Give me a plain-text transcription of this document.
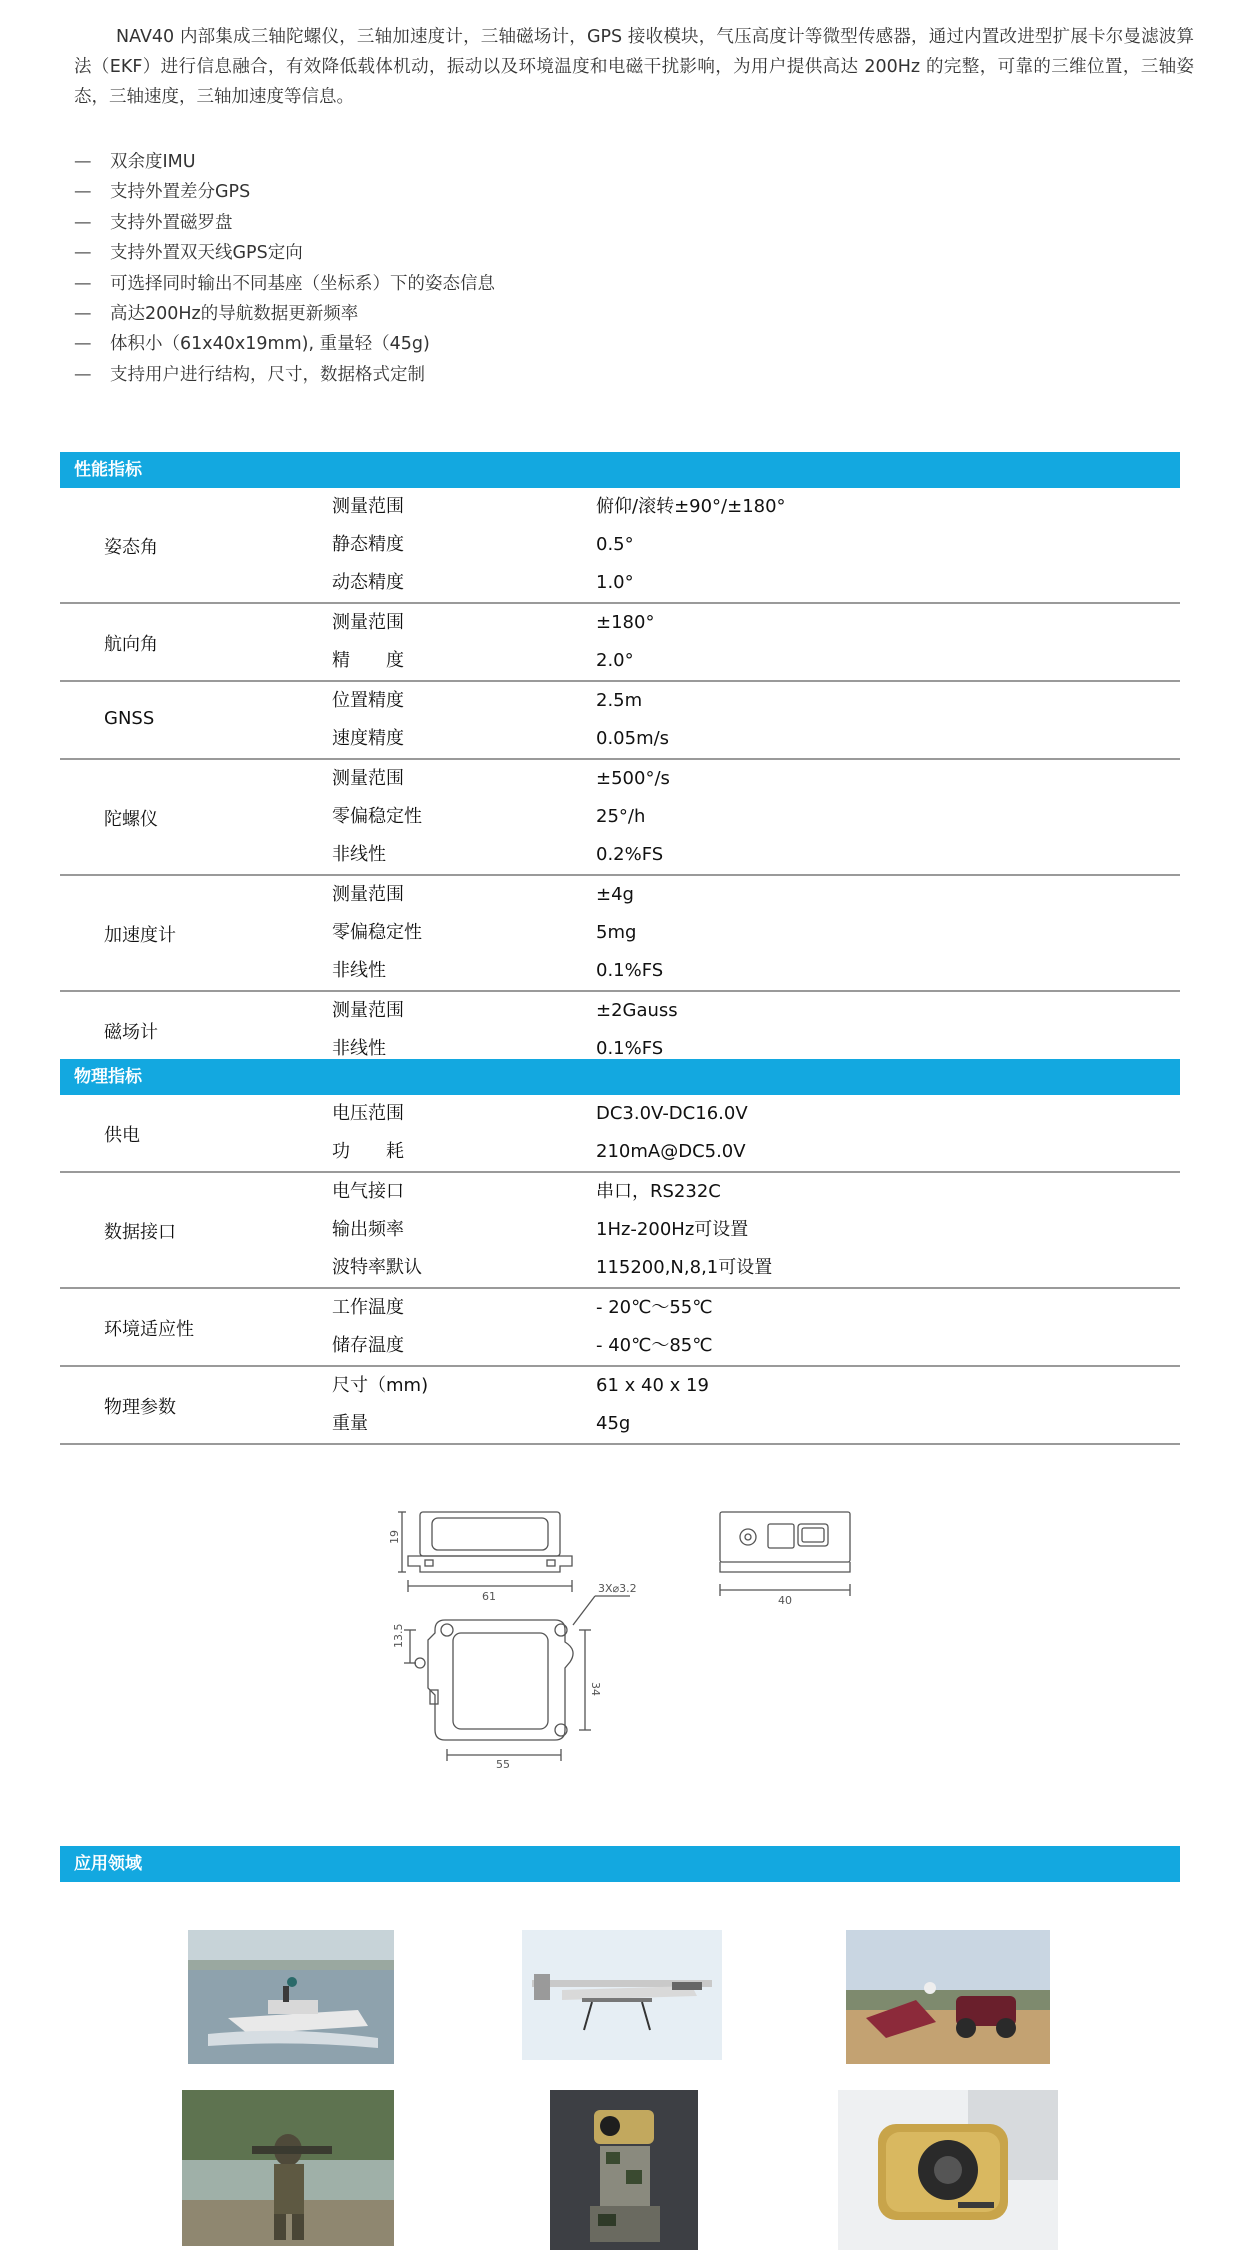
NAV40 内部集成三轴陀螺仪，三轴加速度计，三轴磁场计，GPS 接收模块，气压高度计等微型传感器，通过内置改进型扩展卡尔曼滤波算法（EKF）进行信息融合，有效降低载体机动，振动以及环境温度和电磁干扰影响，为用户提供高达 200Hz 的完整，可靠的三维位置，三轴姿态，三轴速度，三轴加速度等信息。

— 双余度IMU
— 支持外置差分GPS
— 支持外置磁罗盘
— 支持外置双天线GPS定向
— 可选择同时输出不同基座（坐标系）下的姿态信息
— 高达200Hz的导航数据更新频率
— 体积小（61x40x19mm), 重量轻（45g)
— 支持用户进行结构，尺寸，数据格式定制
性能指标
姿态角
测量范围	俯仰/滚转±90°/±180°
静态精度	0.5°
动态精度	1.0°
航向角
测量范围	±180°
精　　度	2.0°
GNSS
位置精度	2.5m
速度精度	0.05m/s
陀螺仪
测量范围	±500°/s
零偏稳定性	25°/h
非线性	0.2%FS
加速度计
测量范围	±4g
零偏稳定性	5mg
非线性	0.1%FS
磁场计
测量范围	±2Gauss
非线性	0.1%FS
物理指标
供电
电压范围	DC3.0V-DC16.0V
功　　耗	210mA@DC5.0V
数据接口
电气接口	串口，RS232C
输出频率	1Hz-200Hz可设置
波特率默认	115200,N,8,1可设置
环境适应性
工作温度	- 20℃～55℃
储存温度	- 40℃～85℃
物理参数
尺寸（mm)	61 x 40 x 19
重量	45g
19
61	40
3X⌀3.2
13.5
34
55
应用领域
